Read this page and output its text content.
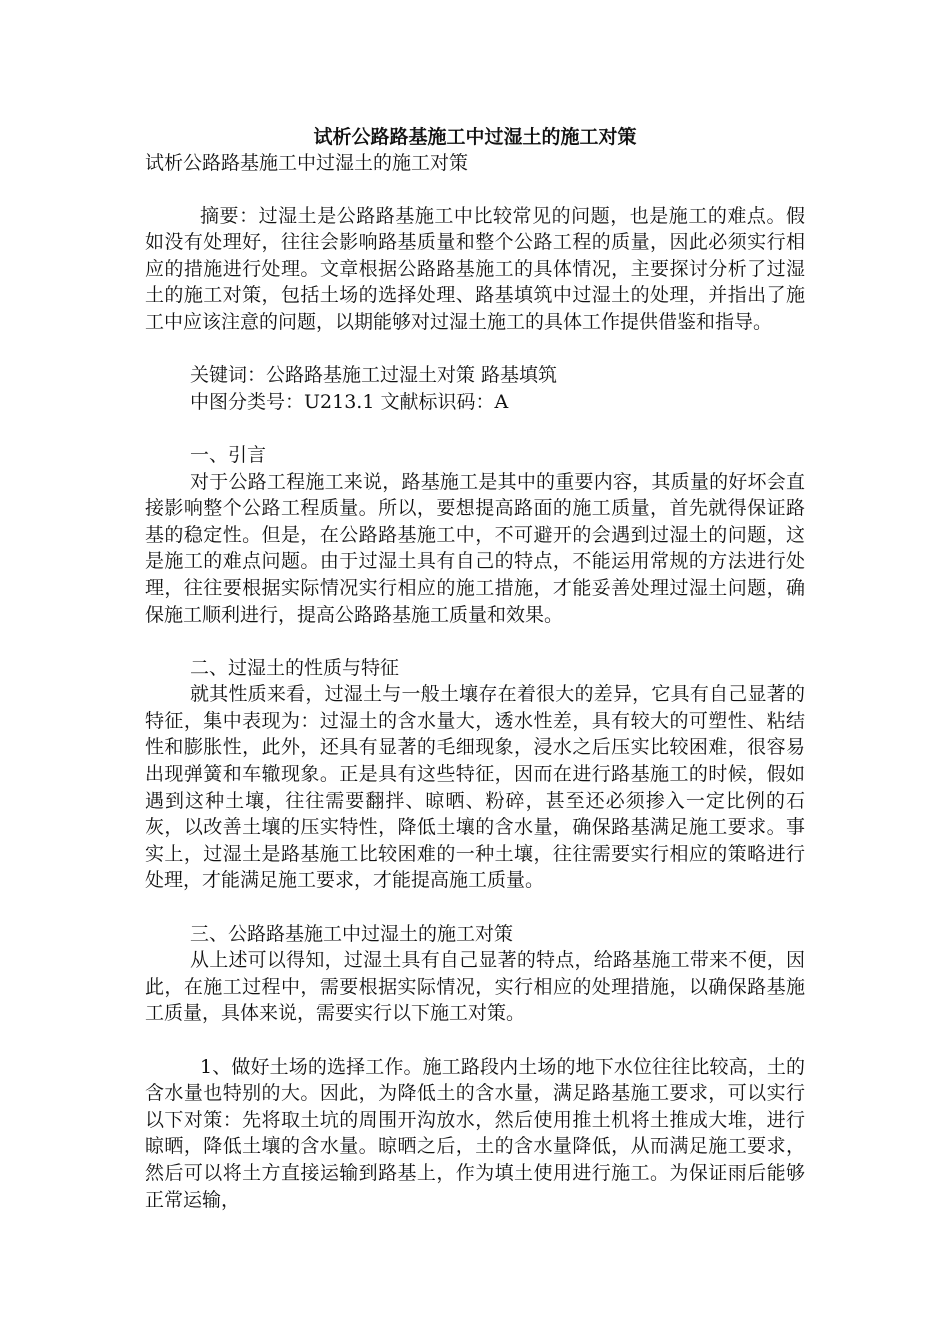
试析公路路基施工中过湿土的施工对策
试析公路路基施工中过湿土的施工对策

摘要：过湿土是公路路基施工中比较常见的问题，也是施工的难点。假如没有处理好，往往会影响路基质量和整个公路工程的质量，因此必须实行相应的措施进行处理。文章根据公路路基施工的具体情况，主要探讨分析了过湿土的施工对策，包括土场的选择处理、路基填筑中过湿土的处理，并指出了施工中应该注意的问题，以期能够对过湿土施工的具体工作提供借鉴和指导。

关键词：公路路基施工过湿土对策 路基填筑

中图分类号：U213.1 文献标识码：A

一、引言

对于公路工程施工来说，路基施工是其中的重要内容，其质量的好坏会直接影响整个公路工程质量。所以，要想提高路面的施工质量，首先就得保证路基的稳定性。但是，在公路路基施工中，不可避开的会遇到过湿土的问题，这是施工的难点问题。由于过湿土具有自己的特点，不能运用常规的方法进行处理，往往要根据实际情况实行相应的施工措施，才能妥善处理过湿土问题，确保施工顺利进行，提高公路路基施工质量和效果。

二、过湿土的性质与特征

就其性质来看，过湿土与一般土壤存在着很大的差异，它具有自己显著的特征，集中表现为：过湿土的含水量大，透水性差，具有较大的可塑性、粘结性和膨胀性，此外，还具有显著的毛细现象，浸水之后压实比较困难，很容易出现弹簧和车辙现象。正是具有这些特征，因而在进行路基施工的时候，假如遇到这种土壤，往往需要翻拌、晾晒、粉碎，甚至还必须掺入一定比例的石灰，以改善土壤的压实特性，降低土壤的含水量，确保路基满足施工要求。事实上，过湿土是路基施工比较困难的一种土壤，往往需要实行相应的策略进行处理，才能满足施工要求，才能提高施工质量。

三、公路路基施工中过湿土的施工对策

从上述可以得知，过湿土具有自己显著的特点，给路基施工带来不便，因此，在施工过程中，需要根据实际情况，实行相应的处理措施，以确保路基施工质量，具体来说，需要实行以下施工对策。

1、做好土场的选择工作。施工路段内土场的地下水位往往比较高，土的含水量也特别的大。因此，为降低土的含水量，满足路基施工要求，可以实行以下对策：先将取土坑的周围开沟放水，然后使用推土机将土推成大堆，进行晾晒，降低土壤的含水量。晾晒之后，土的含水量降低，从而满足施工要求，然后可以将土方直接运输到路基上，作为填土使用进行施工。为保证雨后能够正常运输，
